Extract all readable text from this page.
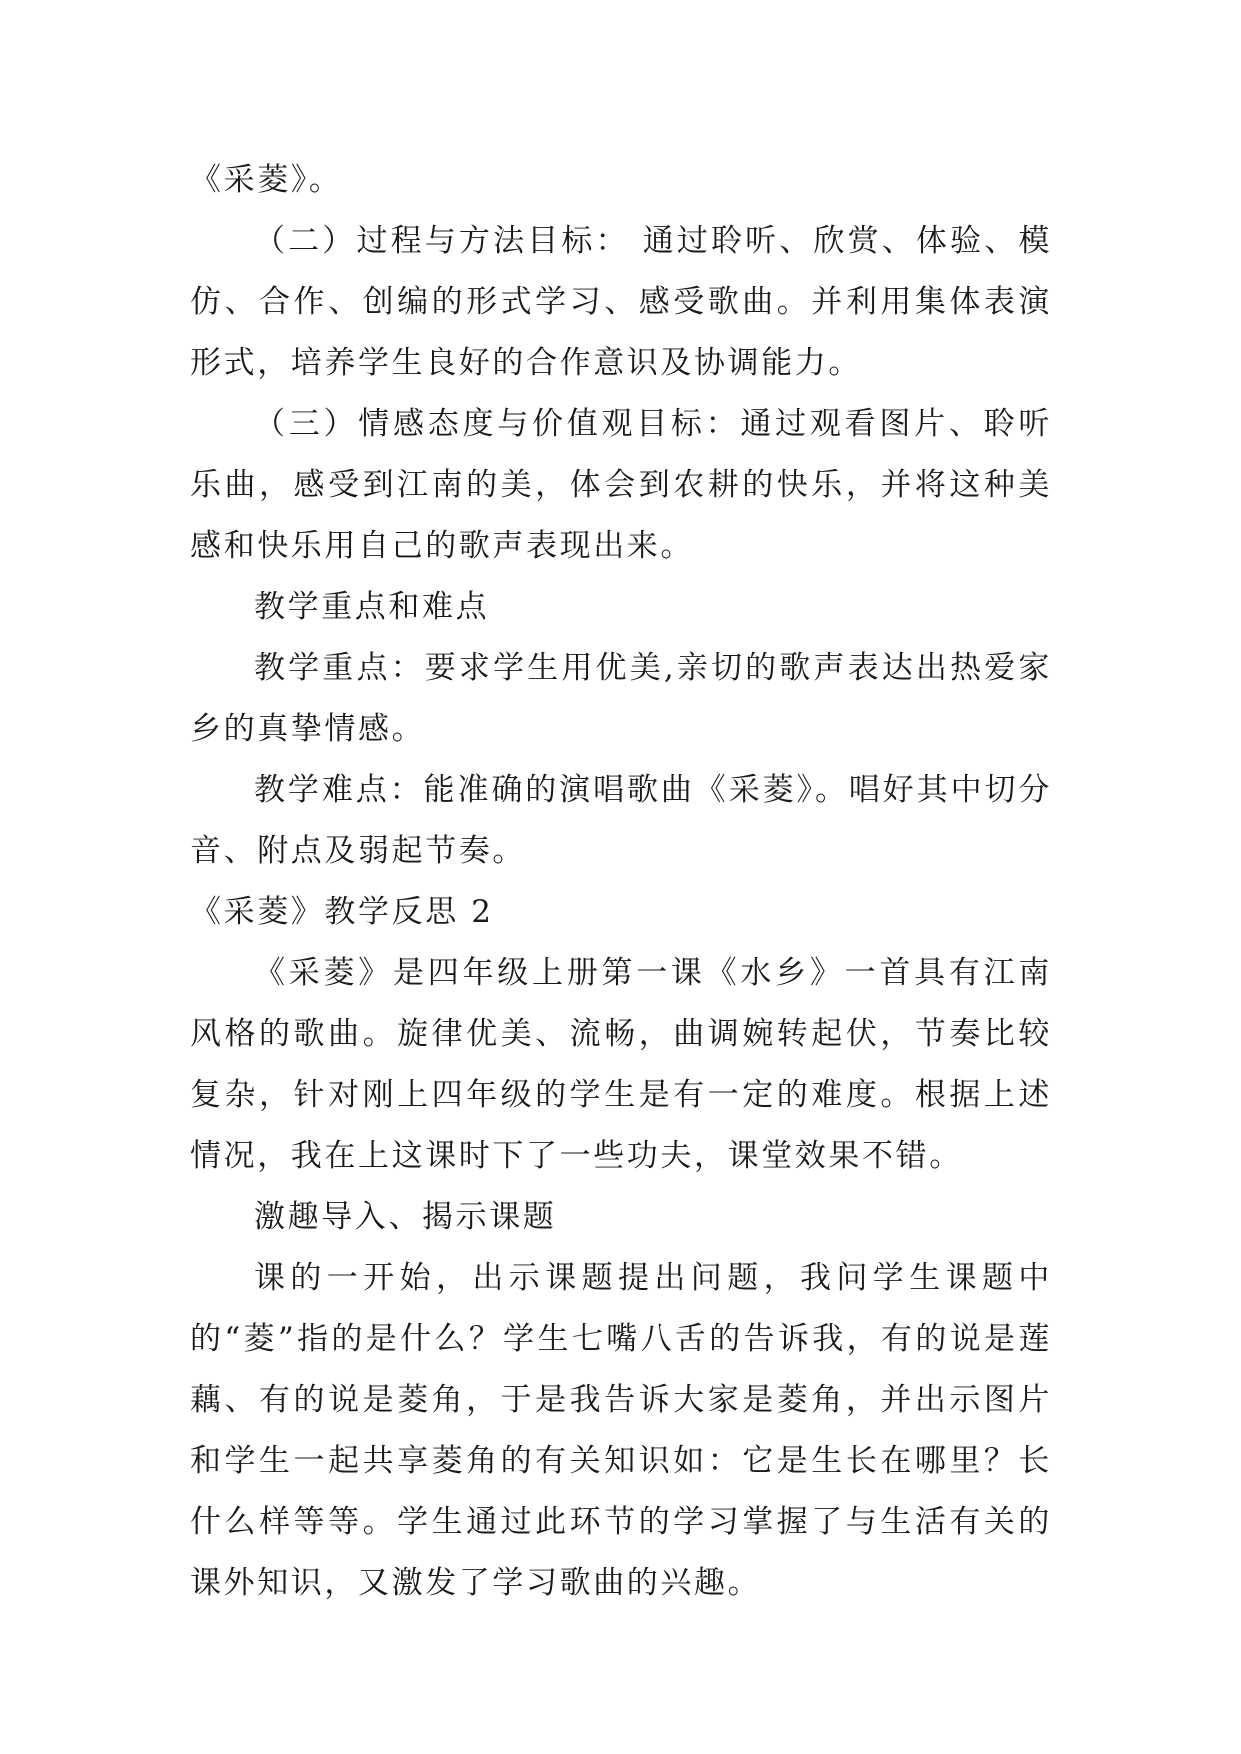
《采菱》。

（二）过程与方法目标： 通过聆听、欣赏、体验、模仿、合作、创编的形式学习、感受歌曲。并利用集体表演形式，培养学生良好的合作意识及协调能力。

（三）情感态度与价值观目标：通过观看图片、聆听乐曲，感受到江南的美，体会到农耕的快乐，并将这种美感和快乐用自己的歌声表现出来。

教学重点和难点

教学重点：要求学生用优美,亲切的歌声表达出热爱家乡的真挚情感。

教学难点：能准确的演唱歌曲《采菱》。唱好其中切分音、附点及弱起节奏。

《采菱》教学反思 2

《采菱》是四年级上册第一课《水乡》一首具有江南风格的歌曲。旋律优美、流畅，曲调婉转起伏，节奏比较复杂，针对刚上四年级的学生是有一定的难度。根据上述情况，我在上这课时下了一些功夫，课堂效果不错。

激趣导入、揭示课题

课的一开始，出示课题提出问题，我问学生课题中的“菱”指的是什么？学生七嘴八舌的告诉我，有的说是莲藕、有的说是菱角，于是我告诉大家是菱角，并出示图片和学生一起共享菱角的有关知识如：它是生长在哪里？长什么样等等。学生通过此环节的学习掌握了与生活有关的课外知识，又激发了学习歌曲的兴趣。
